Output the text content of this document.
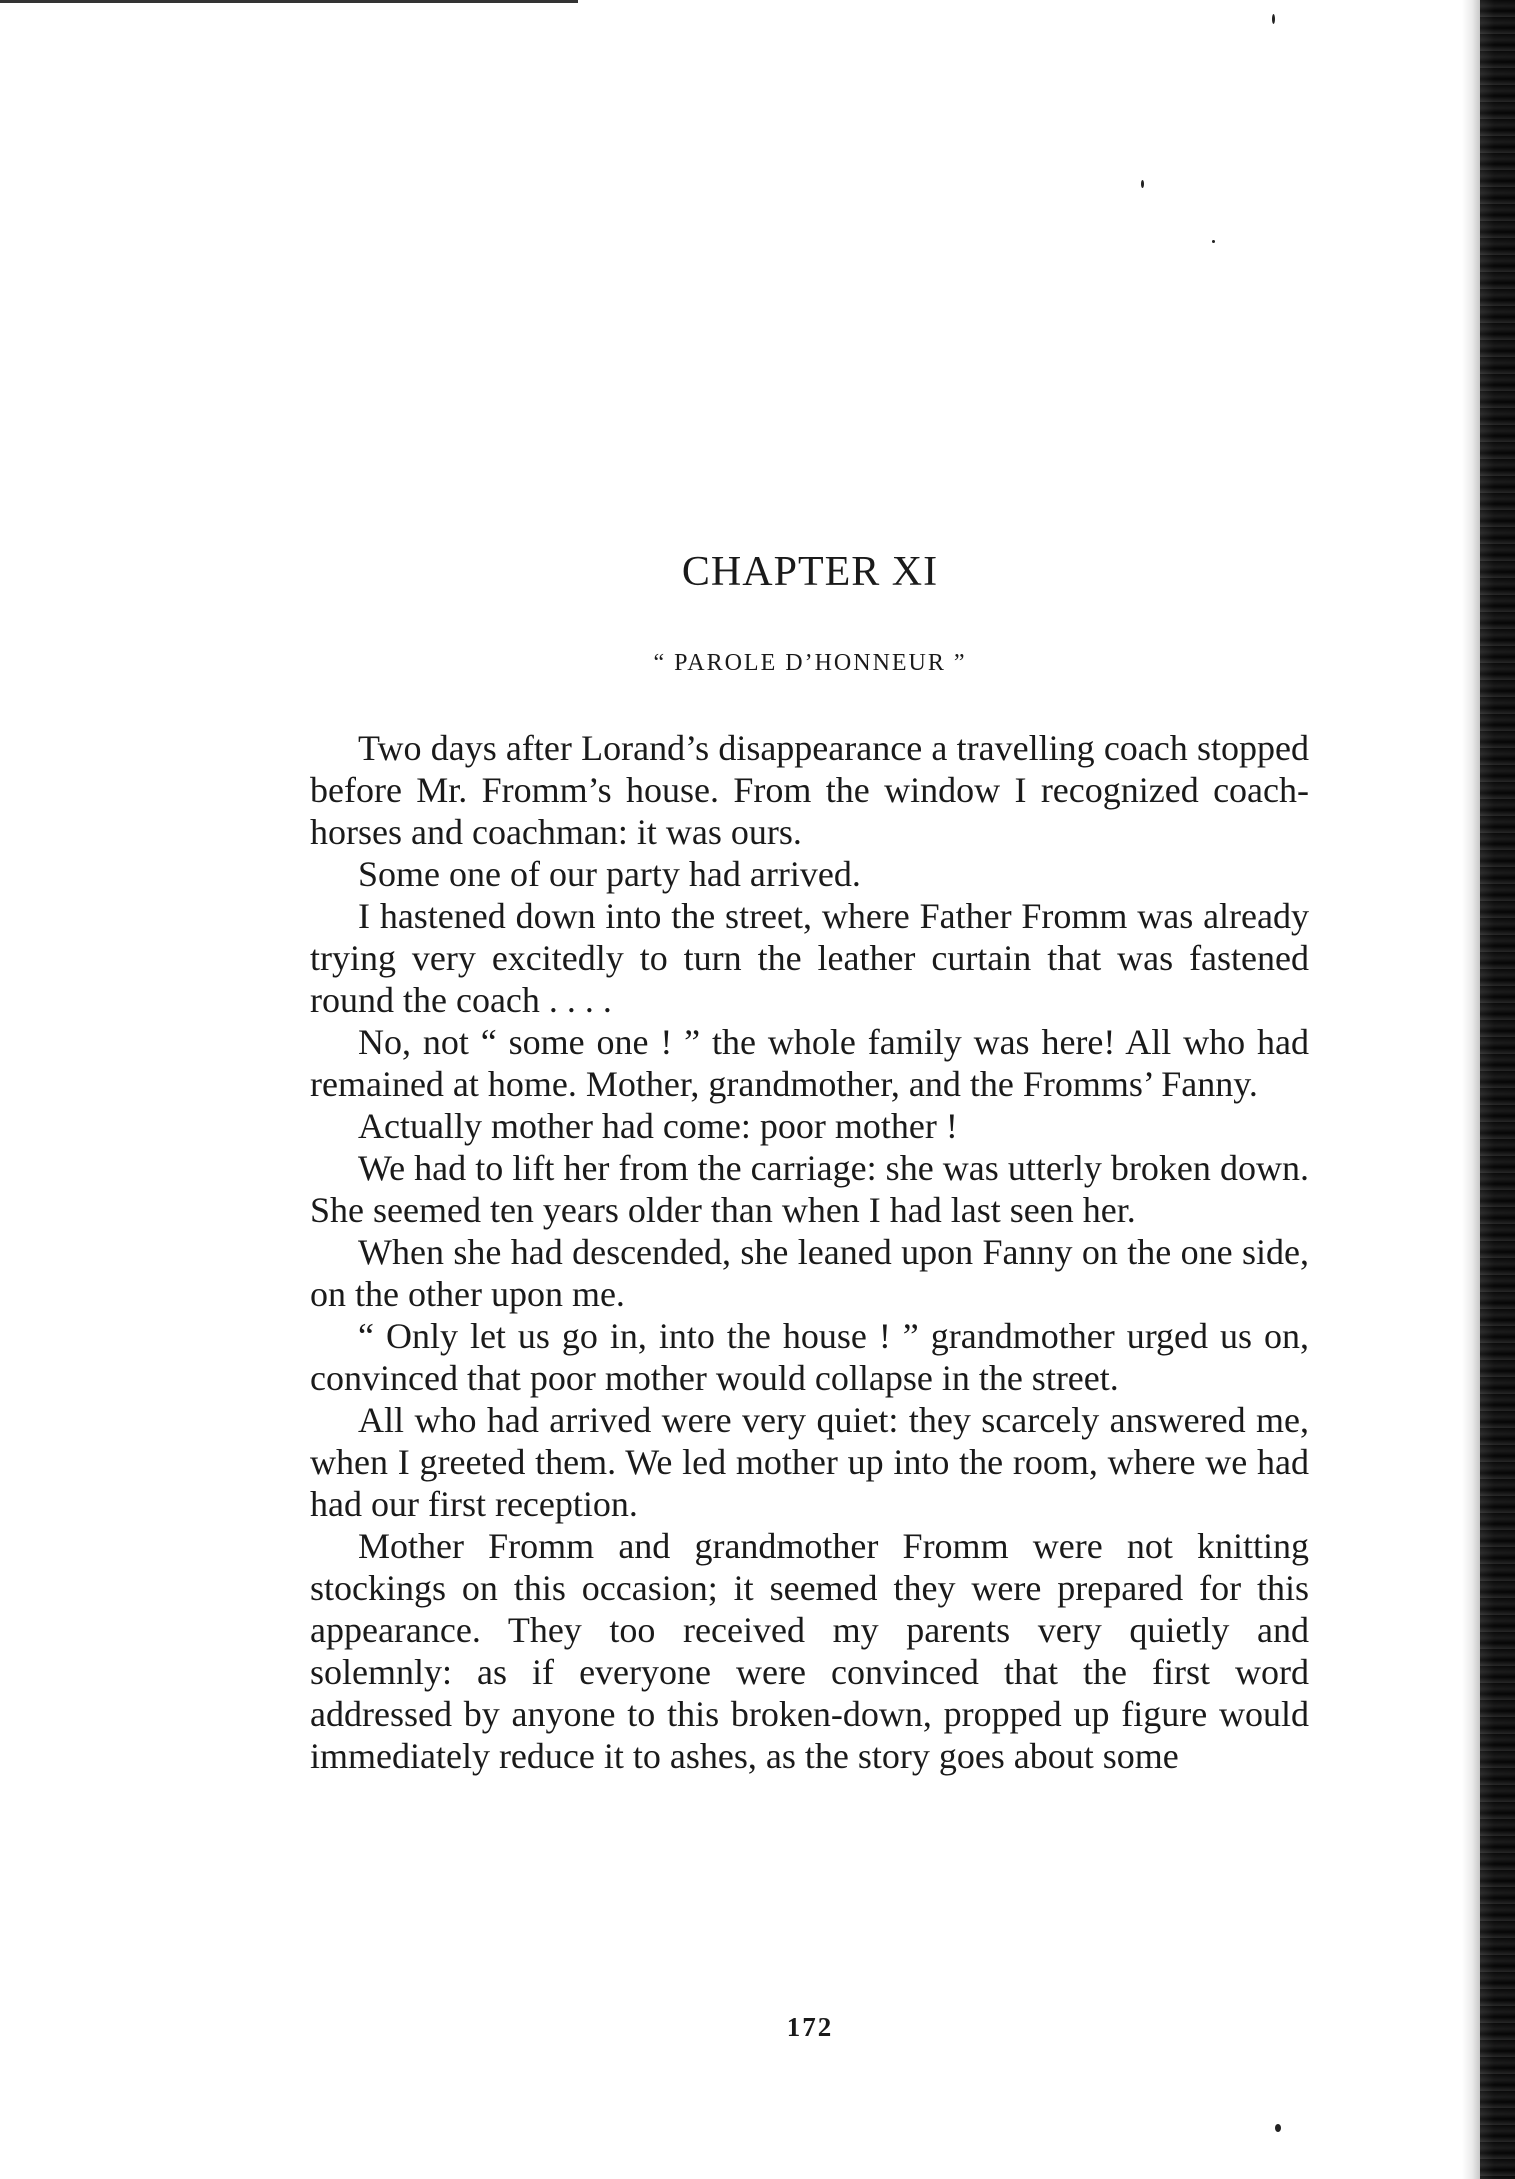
CHAPTER XI
“ PAROLE D’HONNEUR ”

Two days after Lorand’s disappearance a travelling coach stopped before Mr. Fromm’s house. From the window I recognized coach-horses and coachman: it was ours.

Some one of our party had arrived.

I hastened down into the street, where Father Fromm was already trying very excitedly to turn the leather curtain that was fastened round the coach . . . .

No, not “ some one ! ” the whole family was here! All who had remained at home. Mother, grandmother, and the Fromms’ Fanny.

Actually mother had come: poor mother !

We had to lift her from the carriage: she was utterly broken down. She seemed ten years older than when I had last seen her.

When she had descended, she leaned upon Fanny on the one side, on the other upon me.

“ Only let us go in, into the house ! ” grandmother urged us on, convinced that poor mother would collapse in the street.

All who had arrived were very quiet: they scarcely answered me, when I greeted them. We led mother up into the room, where we had had our first reception.

Mother Fromm and grandmother Fromm were not knitting stockings on this occasion; it seemed they were prepared for this appearance. They too received my parents very quietly and solemnly: as if everyone were convinced that the first word addressed by anyone to this broken-down, propped up figure would immediately reduce it to ashes, as the story goes about some

172
